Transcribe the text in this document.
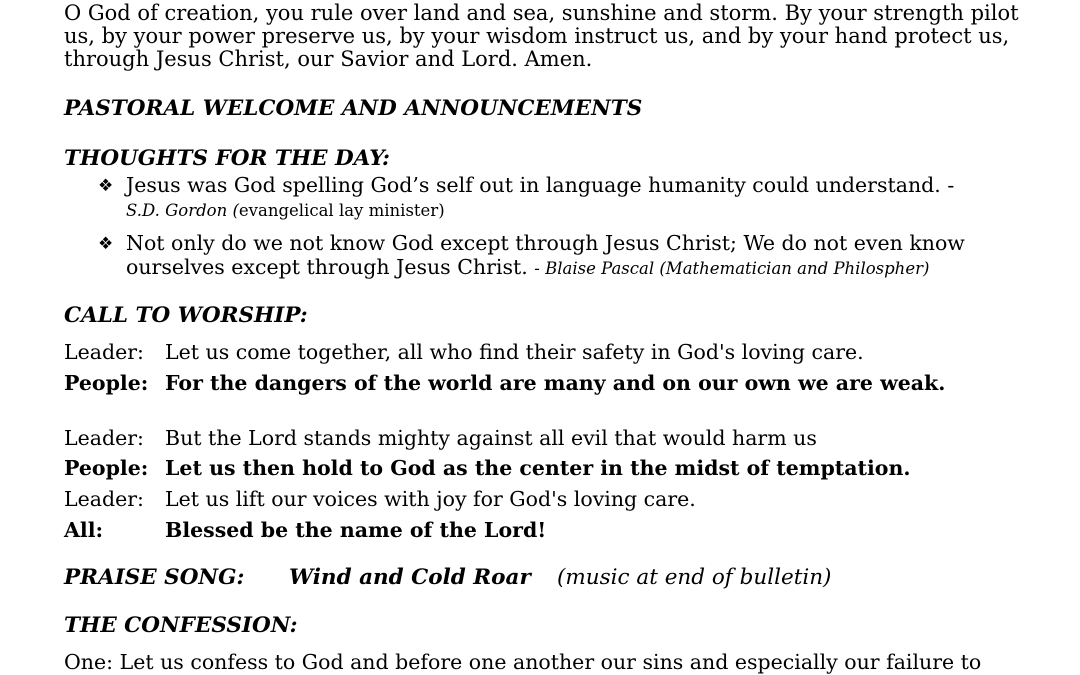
O God of creation, you rule over land and sea, sunshine and storm. By your strength pilot us, by your power preserve us, by your wisdom instruct us, and by your hand protect us, through Jesus Christ, our Savior and Lord. Amen.

PASTORAL WELCOME AND ANNOUNCEMENTS
THOUGHTS FOR THE DAY:
❖ Jesus was God spelling God’s self out in language humanity could understand. -
S.D. Gordon (evangelical lay minister)
❖ Not only do we not know God except through Jesus Christ; We do not even know ourselves except through Jesus Christ. - Blaise Pascal (Mathematician and Philospher)
CALL TO WORSHIP:
Leader: Let us come together, all who find their safety in God's loving care.
People: For the dangers of the world are many and on our own we are weak.
Leader: But the Lord stands mighty against all evil that would harm us
People: Let us then hold to God as the center in the midst of temptation.
Leader: Let us lift our voices with joy for God's loving care.
All:	Blessed be the name of the Lord!
PRAISE SONG: Wind and Cold Roar (music at end of bulletin)
THE CONFESSION:
One: Let us confess to God and before one another our sins and especially our failure to
